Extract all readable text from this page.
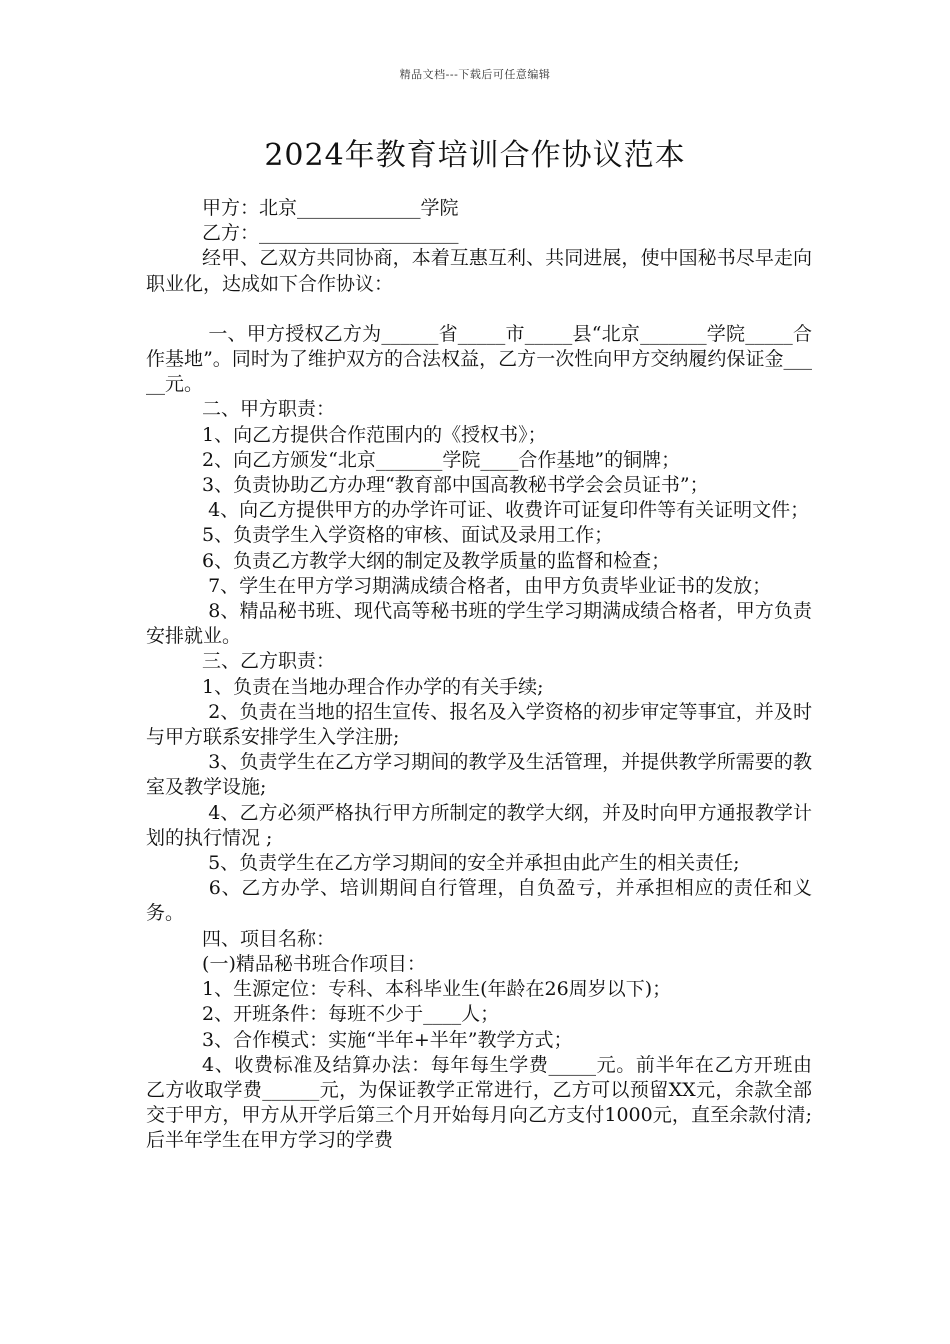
精品文档---下载后可任意编辑
2024年教育培训合作协议范本

甲方：北京_____________学院

乙方：_____________________

经甲、乙双方共同协商，本着互惠互利、共同进展，使中国秘书尽早走向职业化，达成如下合作协议：

一、甲方授权乙方为______省_____市_____县“北京_______学院_____合作基地”。同时为了维护双方的合法权益，乙方一次性向甲方交纳履约保证金_____元。

二、甲方职责：

1、向乙方提供合作范围内的《授权书》；

2、向乙方颁发“北京_______学院____合作基地”的铜牌；

3、负责协助乙方办理“教育部中国高教秘书学会会员证书”；

4、向乙方提供甲方的办学许可证、收费许可证复印件等有关证明文件；

5、负责学生入学资格的审核、面试及录用工作；

6、负责乙方教学大纲的制定及教学质量的监督和检查；

7、学生在甲方学习期满成绩合格者，由甲方负责毕业证书的发放；

8、精品秘书班、现代高等秘书班的学生学习期满成绩合格者，甲方负责安排就业。

三、乙方职责：

1、负责在当地办理合作办学的有关手续;

2、负责在当地的招生宣传、报名及入学资格的初步审定等事宜，并及时与甲方联系安排学生入学注册;

3、负责学生在乙方学习期间的教学及生活管理，并提供教学所需要的教室及教学设施;

4、乙方必须严格执行甲方所制定的教学大纲，并及时向甲方通报教学计划的执行情况 ;

5、负责学生在乙方学习期间的安全并承担由此产生的相关责任;

6、乙方办学、培训期间自行管理，自负盈亏，并承担相应的责任和义务。

四、项目名称：

(一)精品秘书班合作项目：

1、生源定位：专科、本科毕业生(年龄在26周岁以下)；

2、开班条件：每班不少于____人；

3、合作模式：实施“半年+半年”教学方式；

4、收费标准及结算办法：每年每生学费_____元。前半年在乙方开班由乙方收取学费______元，为保证教学正常进行，乙方可以预留XX元，余款全部交于甲方，甲方从开学后第三个月开始每月向乙方支付1000元，直至余款付清;后半年学生在甲方学习的学费
